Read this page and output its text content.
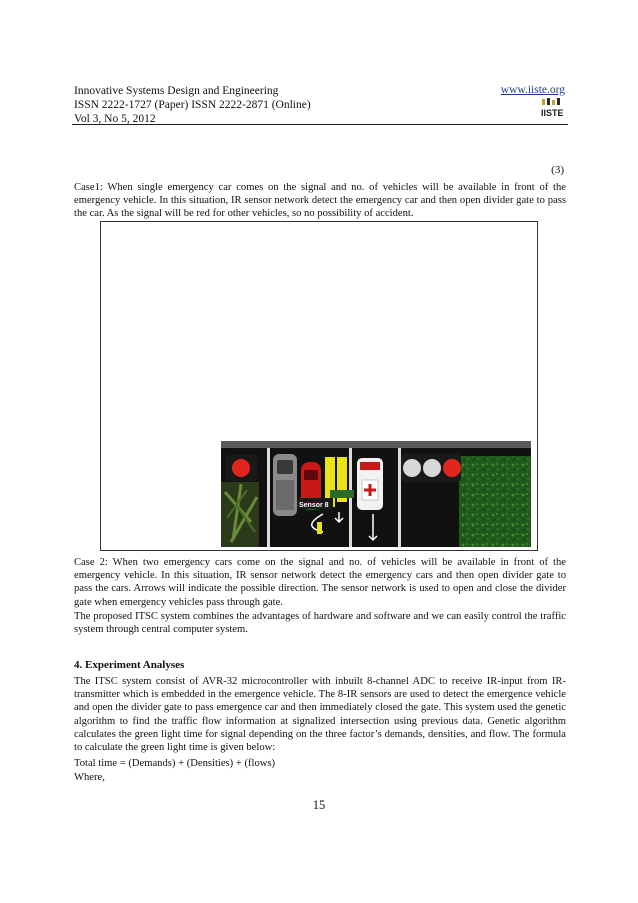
Innovative Systems Design and Engineering
ISSN 2222-1727 (Paper) ISSN 2222-2871 (Online)
Vol 3, No 5, 2012
www.iiste.org
IISTE
(3)
Case1: When single emergency car comes on the signal and no. of vehicles will be available in front of the emergency vehicle. In this situation, IR sensor network detect the emergency car and then open divider gate to pass the car. As the signal will be red for other vehicles, so no possibility of accident.
Sensor 8
Case 2: When two emergency cars come on the signal and no. of vehicles will be available in front of the emergency vehicle. In this situation, IR sensor network detect the emergency cars and then open divider gate to pass the cars. Arrows will indicate the possible direction. The sensor network is used to open and close the divider gate when emergency vehicles pass through gate.
The proposed ITSC system combines the advantages of hardware and software and we can easily control the traffic system through central computer system.
4. Experiment Analyses
The ITSC system consist of AVR-32 microcontroller with inbuilt 8-channel ADC to receive IR-input from IR-transmitter which is embedded in the emergence vehicle. The 8-IR sensors are used to detect the emergence vehicle and open the divider gate to pass emergence car and then immediately closed the gate. This system used the genetic algorithm to find the traffic flow information at signalized intersection using previous data. Genetic algorithm calculates the green light time for signal depending on the three factor’s demands, densities, and flow. The formula to calculate the green light time is given below:
Total time = (Demands) + (Densities) + (flows)
Where,
15
